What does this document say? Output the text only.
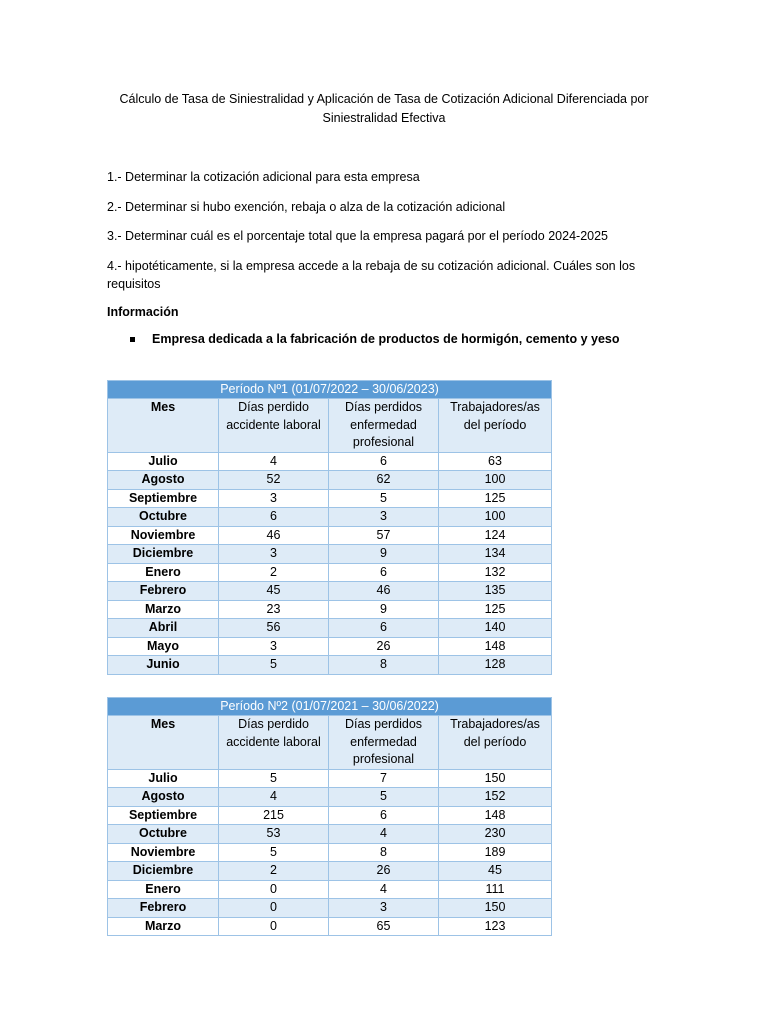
Cálculo de Tasa de Siniestralidad y Aplicación de Tasa de Cotización Adicional Diferenciada por
Siniestralidad Efectiva
1.- Determinar la cotización adicional para esta empresa
2.- Determinar si hubo exención, rebaja o alza de la cotización adicional
3.- Determinar cuál es el porcentaje total que la empresa pagará por el período 2024-2025
4.- hipotéticamente, si la empresa accede a la rebaja de su cotización adicional. Cuáles son los requisitos
Información
Empresa dedicada a la fabricación de productos de hormigón, cemento y yeso
Período Nº1 (01/07/2022 – 30/06/2023)			
Mes	Días perdido accidente laboral	Días perdidos enfermedad profesional	Trabajadores/as del período
Julio	4	6	63
Agosto	52	62	100
Septiembre	3	5	125
Octubre	6	3	100
Noviembre	46	57	124
Diciembre	3	9	134
Enero	2	6	132
Febrero	45	46	135
Marzo	23	9	125
Abril	56	6	140
Mayo	3	26	148
Junio	5	8	128
Período Nº2 (01/07/2021 – 30/06/2022)			
Mes	Días perdido accidente laboral	Días perdidos enfermedad profesional	Trabajadores/as del período
Julio	5	7	150
Agosto	4	5	152
Septiembre	215	6	148
Octubre	53	4	230
Noviembre	5	8	189
Diciembre	2	26	45
Enero	0	4	111
Febrero	0	3	150
Marzo	0	65	123
